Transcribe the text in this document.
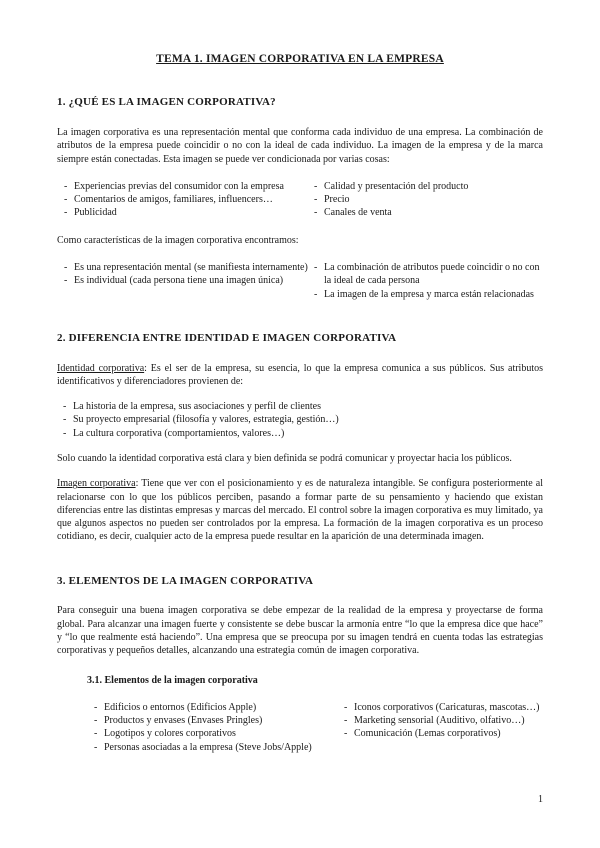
TEMA 1. IMAGEN CORPORATIVA EN LA EMPRESA
1. ¿QUÉ ES LA IMAGEN CORPORATIVA?

La imagen corporativa es una representación mental que conforma cada individuo de una empresa. La combinación de atributos de la empresa puede coincidir o no con la ideal de cada individuo. La imagen de la empresa y de la marca siempre están conectadas. Esta imagen se puede ver condicionada por varias cosas:

- Experiencias previas del consumidor con la empresa
- Comentarios de amigos, familiares, influencers…
- Publicidad
- Calidad y presentación del producto
- Precio
- Canales de venta

Como características de la imagen corporativa encontramos:

- Es una representación mental (se manifiesta internamente)
- Es individual (cada persona tiene una imagen única)
- La combinación de atributos puede coincidir o no con la ideal de cada persona
- La imagen de la empresa y marca están relacionadas
2. DIFERENCIA ENTRE IDENTIDAD E IMAGEN CORPORATIVA

Identidad corporativa: Es el ser de la empresa, su esencia, lo que la empresa comunica a sus públicos. Sus atributos identificativos y diferenciadores provienen de:

- La historia de la empresa, sus asociaciones y perfil de clientes
- Su proyecto empresarial (filosofía y valores, estrategia, gestión…)
- La cultura corporativa (comportamientos, valores…)

Solo cuando la identidad corporativa está clara y bien definida se podrá comunicar y proyectar hacia los públicos.

Imagen corporativa: Tiene que ver con el posicionamiento y es de naturaleza intangible. Se configura posteriormente al relacionarse con lo que los públicos perciben, pasando a formar parte de su pensamiento y haciendo que existan diferencias entre las distintas empresas y marcas del mercado. El control sobre la imagen corporativa es muy limitado, ya que algunos aspectos no pueden ser controlados por la empresa. La formación de la imagen corporativa es un proceso cotidiano, es decir, cualquier acto de la empresa puede resultar en la aparición de una determinada imagen.

3. ELEMENTOS DE LA IMAGEN CORPORATIVA

Para conseguir una buena imagen corporativa se debe empezar de la realidad de la empresa y proyectarse de forma global. Para alcanzar una imagen fuerte y consistente se debe buscar la armonía entre “lo que la empresa dice que hace” y “lo que realmente está haciendo”. Una empresa que se preocupa por su imagen tendrá en cuenta todas las estrategias corporativas y pequeños detalles, alcanzando una estrategia común de imagen corporativa.

3.1. Elementos de la imagen corporativa
- Edificios o entornos (Edificios Apple)
- Productos y envases (Envases Pringles)
- Logotipos y colores corporativos
- Personas asociadas a la empresa (Steve Jobs/Apple)
- Iconos corporativos (Caricaturas, mascotas…)
- Marketing sensorial (Auditivo, olfativo…)
- Comunicación (Lemas corporativos)
1
